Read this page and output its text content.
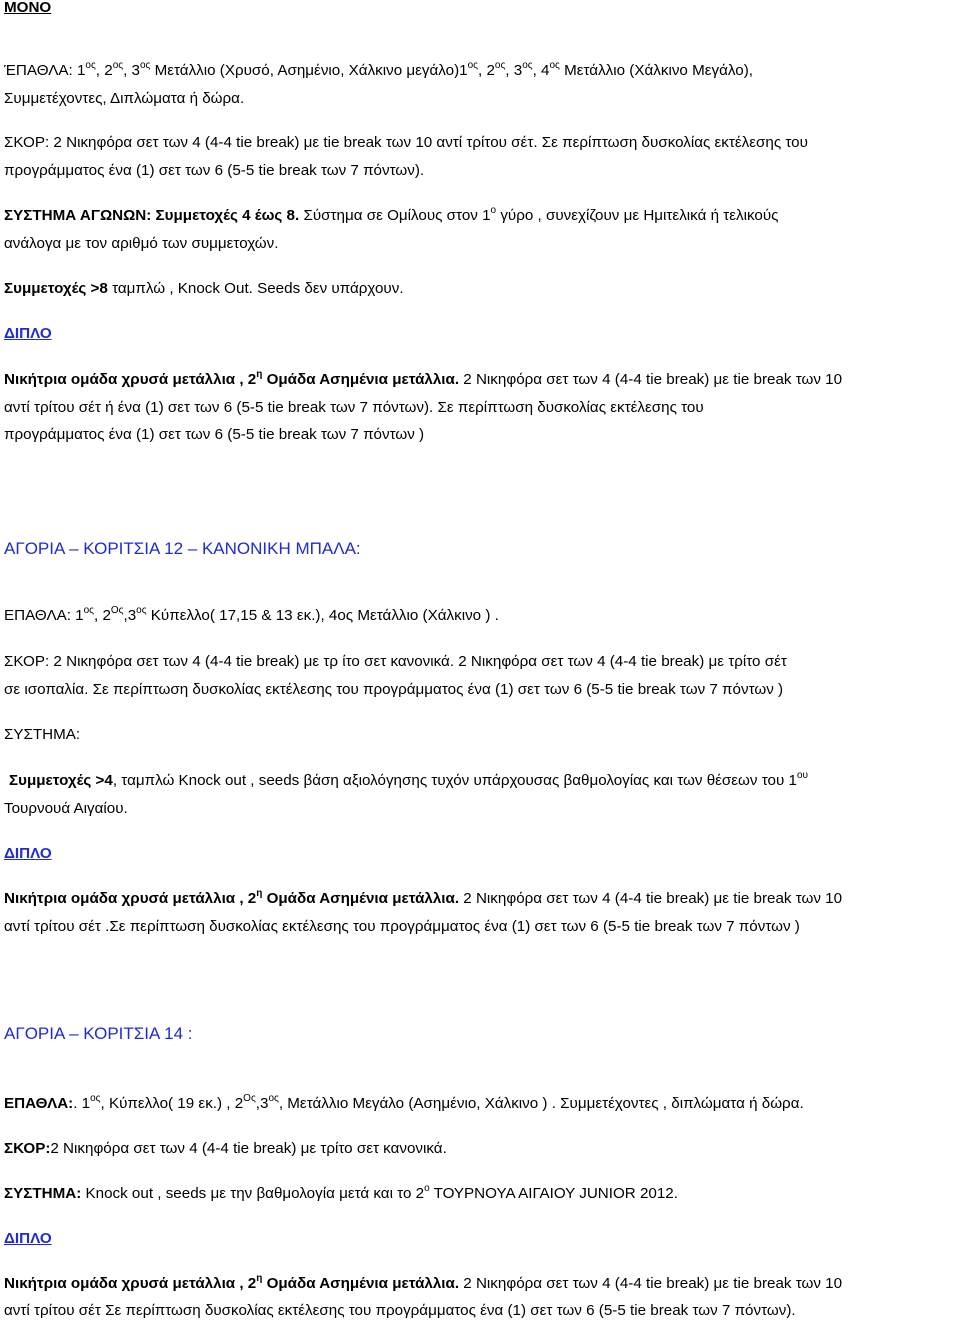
ΜΟΝΟ

ΈΠΑΘΛΑ: $1^{o\varsigma}$, $2^{o\varsigma}$, $3^{o\varsigma}$ Μετάλλιο (Χρυσό, Ασημένιο, Χάλκινο $\mu\varepsilon\gamma ά\lambda o)1^{o\varsigma}$, $2^{o\varsigma}$, $3^{o\varsigma}$, $4^{o\varsigma}$ Μετάλλιο (Χάλκινο Μεγάλο),

Συμμετέχοντες, Διπλώματα ή δώρα.

ΣΚΟΡ: 2 Νικηφόρα σετ των 4 (4-4 tie break) με tie break των 10 αντί τρίτου σέτ. Σε περίπτωση δυσκολίας εκτέλεσης του

προγράμματος ένα (1) σετ των 6 (5-5 tie break των 7 πόντων).

ΣΥΣΤΗΜΑ ΑΓΩΝΩΝ: Συμμετοχές 4 έως 8. Σύστημα σε Ομίλους στον $1^o$ γύρο , συνεχίζουν με Ημιτελικά ή τελικούς

ανάλογα με τον αριθμό των συμμετοχών.

Συμμετοχές >8 ταμπλώ , Knock Out. Seeds δεν υπάρχουν.

ΔΙΠΛΟ

Νικήτρια ομάδα χρυσά μετάλλια , $2^\eta$ Ομάδα Ασημένια μετάλλια. 2 Νικηφόρα σετ των 4 (4-4 tie break) με tie break των 10

αντί τρίτου σέτ ή ένα (1) σετ των 6 (5-5 tie break των 7 πόντων). Σε περίπτωση δυσκολίας εκτέλεσης του

προγράμματος ένα (1) σετ των 6 (5-5 tie break των 7 πόντων )

ΑΓΟΡΙΑ – ΚΟΡΙΤΣΙΑ 12 – ΚΑΝΟΝΙΚΗ ΜΠΑΛΑ:

ΕΠΑΘΛΑ: $1^{o\varsigma}$, $2^{O\varsigma},3^{o\varsigma}$ Κύπελλο( 17,15 & 13 εκ.), 4ος Μετάλλιο (Χάλκινο ) .

ΣΚΟΡ: 2 Νικηφόρα σετ των 4 (4-4 tie break) με τρ ίτο σετ κανονικά. 2 Νικηφόρα σετ των 4 (4-4 tie break) με τρίτο σέτ

σε ισοπαλία. Σε περίπτωση δυσκολίας εκτέλεσης του προγράμματος ένα (1) σετ των 6 (5-5 tie break των 7 πόντων )

ΣΥΣΤΗΜΑ:

Συμμετοχές >4, ταμπλώ Knock out , seeds βάση αξιολόγησης τυχόν υπάρχουσας βαθμολογίας και των θέσεων του $1^{o\upsilon}$

Τουρνουά Αιγαίου.

ΔΙΠΛΟ

Νικήτρια ομάδα χρυσά μετάλλια , $2^\eta$ Ομάδα Ασημένια μετάλλια. 2 Νικηφόρα σετ των 4 (4-4 tie break) με tie break των 10

αντί τρίτου σέτ .Σε περίπτωση δυσκολίας εκτέλεσης του προγράμματος ένα (1) σετ των 6 (5-5 tie break των 7 πόντων )

ΑΓΟΡΙΑ – ΚΟΡΙΤΣΙΑ 14 :

ΕΠΑΘΛΑ:. $1^{o\varsigma}$, Κύπελλο( 19 εκ.) , $2^{O\varsigma},3^{o\varsigma}$, Μετάλλιο Μεγάλο (Ασημένιο, Χάλκινο ) . Συμμετέχοντες , διπλώματα ή δώρα.

ΣΚΟΡ:2 Νικηφόρα σετ των 4 (4-4 tie break) με τρίτο σετ κανονικά.

ΣΥΣΤΗΜΑ: Knock out , seeds με την βαθμολογία μετά και το $2^o$ ΤΟΥΡΝΟΥΑ ΑΙΓΑΙΟΥ JUNIOR 2012.

ΔΙΠΛΟ

Νικήτρια ομάδα χρυσά μετάλλια , $2^\eta$ Ομάδα Ασημένια μετάλλια. 2 Νικηφόρα σετ των 4 (4-4 tie break) με tie break των 10

αντί τρίτου σέτ Σε περίπτωση δυσκολίας εκτέλεσης του προγράμματος ένα (1) σετ των 6 (5-5 tie break των 7 πόντων).
